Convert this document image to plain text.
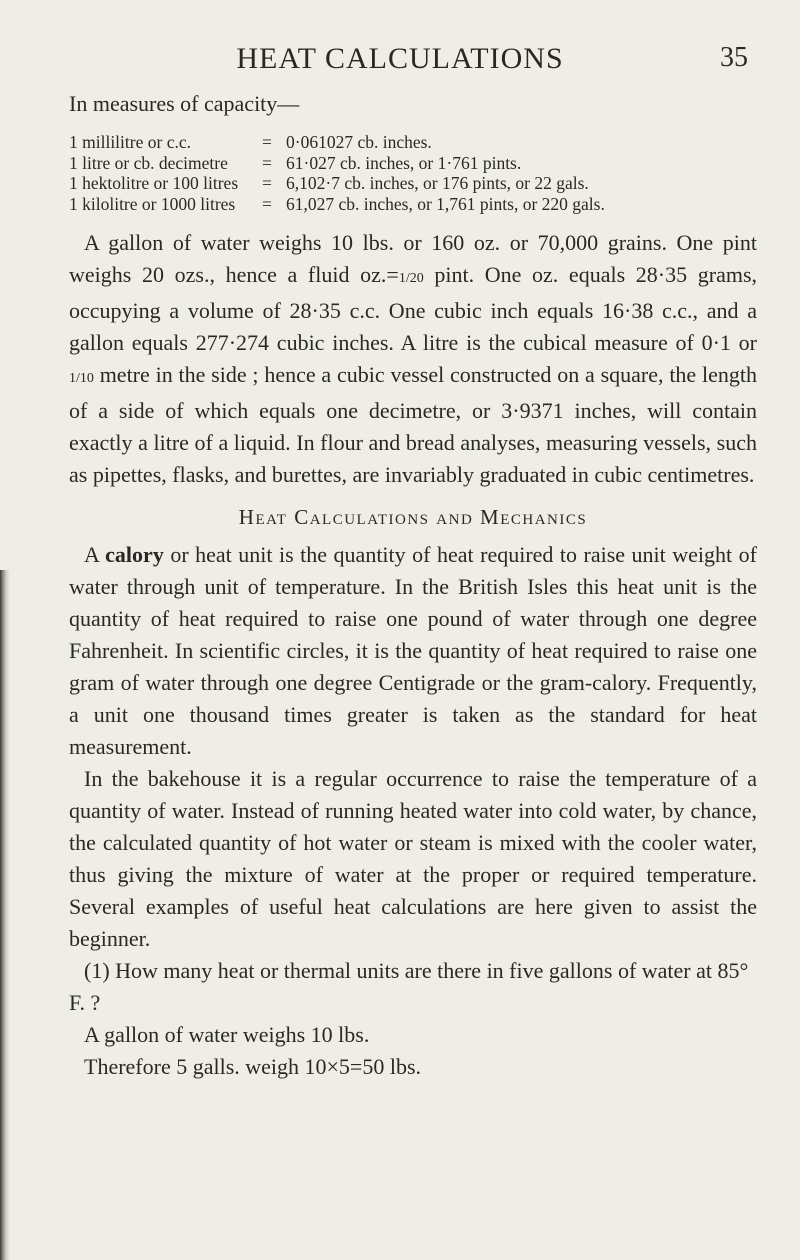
HEAT CALCULATIONS	35

In measures of capacity—

1 millilitre or c.c.	= 0·061027 cb. inches.
1 litre or cb. decimetre	= 61·027 cb. inches, or 1·761 pints.
1 hektolitre or 100 litres	= 6,102·7 cb. inches, or 176 pints, or 22 gals.
1 kilolitre or 1000 litres	= 61,027 cb. inches, or 1,761 pints, or 220 gals.

A gallon of water weighs 10 lbs. or 160 oz. or 70,000 grains. One pint weighs 20 ozs., hence a fluid oz.=1/20 pint. One oz. equals 28·35 grams, occupying a volume of 28·35 c.c. One cubic inch equals 16·38 c.c., and a gallon equals 277·274 cubic inches. A litre is the cubical measure of 0·1 or 1/10 metre in the side ; hence a cubic vessel constructed on a square, the length of a side of which equals one decimetre, or 3·9371 inches, will contain exactly a litre of a liquid. In flour and bread analyses, measuring vessels, such as pipettes, flasks, and burettes, are invariably graduated in cubic centimetres.

Heat Calculations and Mechanics

A calory or heat unit is the quantity of heat required to raise unit weight of water through unit of temperature. In the British Isles this heat unit is the quantity of heat required to raise one pound of water through one degree Fahrenheit. In scientific circles, it is the quantity of heat required to raise one gram of water through one degree Centigrade or the gram-calory. Frequently, a unit one thousand times greater is taken as the standard for heat measurement.

In the bakehouse it is a regular occurrence to raise the temperature of a quantity of water. Instead of running heated water into cold water, by chance, the calculated quantity of hot water or steam is mixed with the cooler water, thus giving the mixture of water at the proper or required temperature. Several examples of useful heat calculations are here given to assist the beginner.

(1) How many heat or thermal units are there in five gallons of water at 85° F. ?

A gallon of water weighs 10 lbs.
Therefore 5 galls. weigh 10×5=50 lbs.
